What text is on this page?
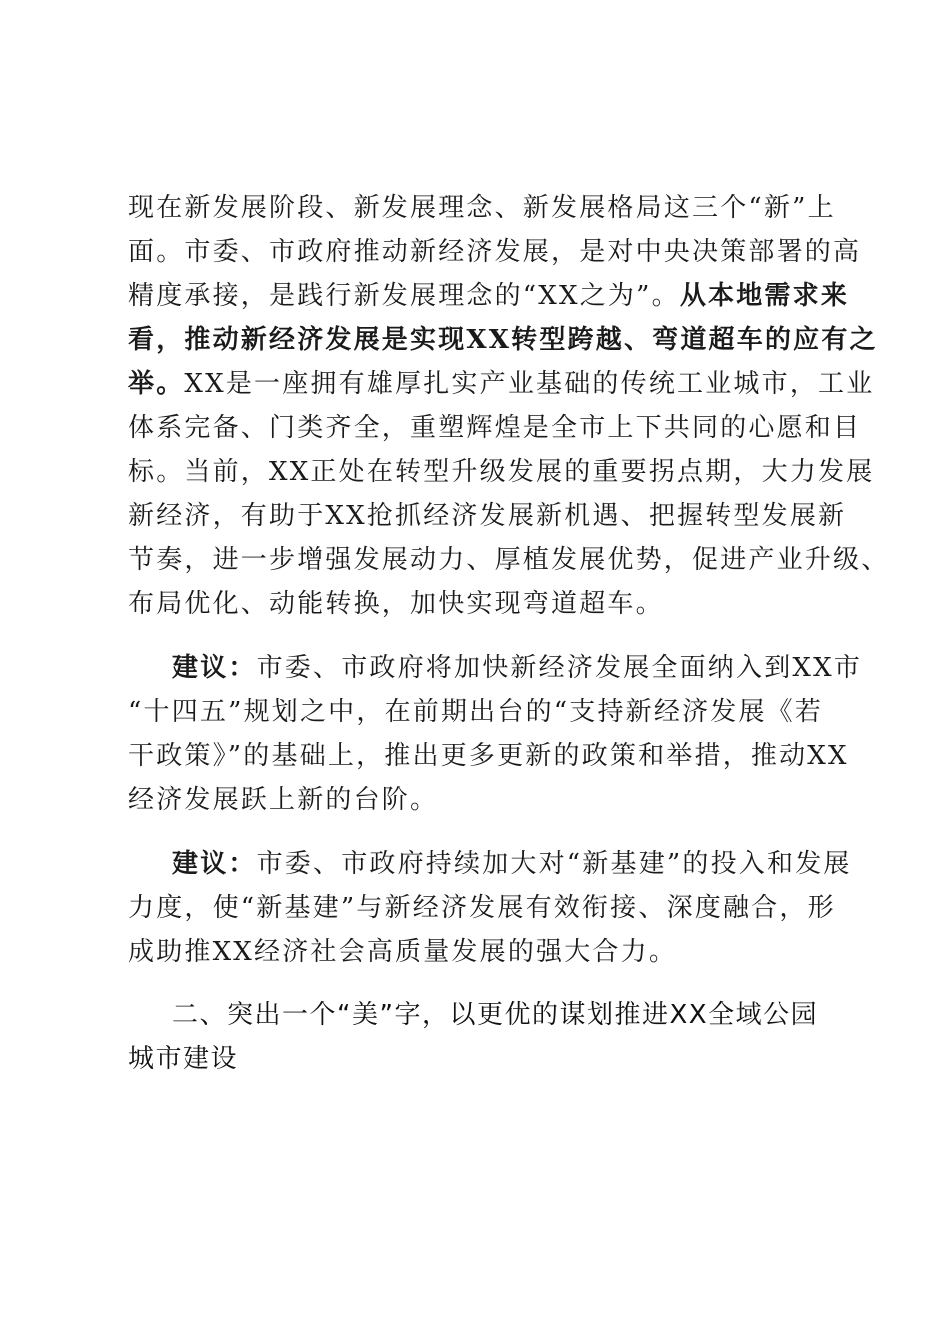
现在新发展阶段、新发展理念、新发展格局这三个“新”上
面。市委、市政府推动新经济发展，是对中央决策部署的高
精度承接，是践行新发展理念的“XX之为”。从本地需求来
看，推动新经济发展是实现XX转型跨越、弯道超车的应有之
举。XX是一座拥有雄厚扎实产业基础的传统工业城市，工业
体系完备、门类齐全，重塑辉煌是全市上下共同的心愿和目
标。当前，XX正处在转型升级发展的重要拐点期，大力发展
新经济，有助于XX抢抓经济发展新机遇、把握转型发展新
节奏，进一步增强发展动力、厚植发展优势，促进产业升级、
布局优化、动能转换，加快实现弯道超车。
建议：市委、市政府将加快新经济发展全面纳入到XX市
“十四五”规划之中，在前期出台的“支持新经济发展《若
干政策》”的基础上，推出更多更新的政策和举措，推动XX
经济发展跃上新的台阶。
建议：市委、市政府持续加大对“新基建”的投入和发展
力度，使“新基建”与新经济发展有效衔接、深度融合，形
成助推XX经济社会高质量发展的强大合力。
二、突出一个“美”字，以更优的谋划推进XX全域公园
城市建设
